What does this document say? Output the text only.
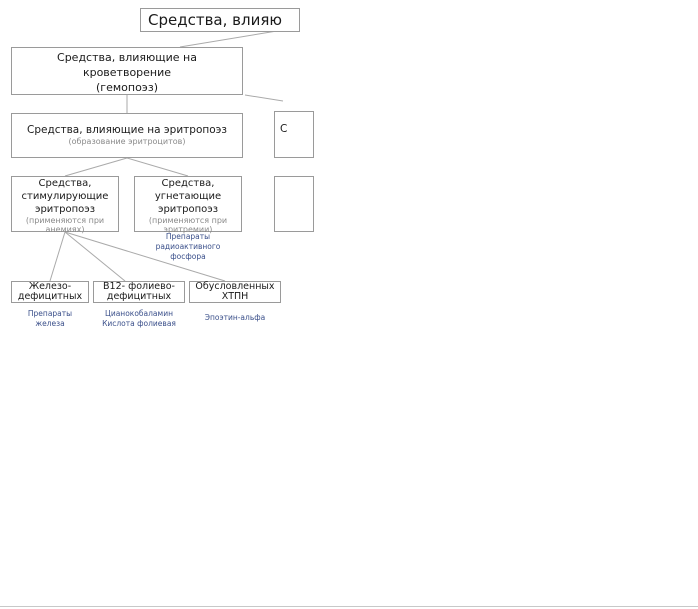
Средства, влияю
Средства, влияющие на
кроветворение
(гемопоэз)
Средства, влияющие на эритропоэз
(образование эритроцитов)
С
Средства,
стимулирующие
эритропоэз
(применяются при
анемиях)
Средства,
угнетающие
эритропоэз
(применяются при
эритремии)
Препараты
радиоактивного
фосфора
Железо-
дефицитных
B12- фолиево-
дефицитных
Обусловленных
ХТПН
Препараты
железа
Цианокобаламин
Кислота фолиевая
Эпоэтин-альфа
